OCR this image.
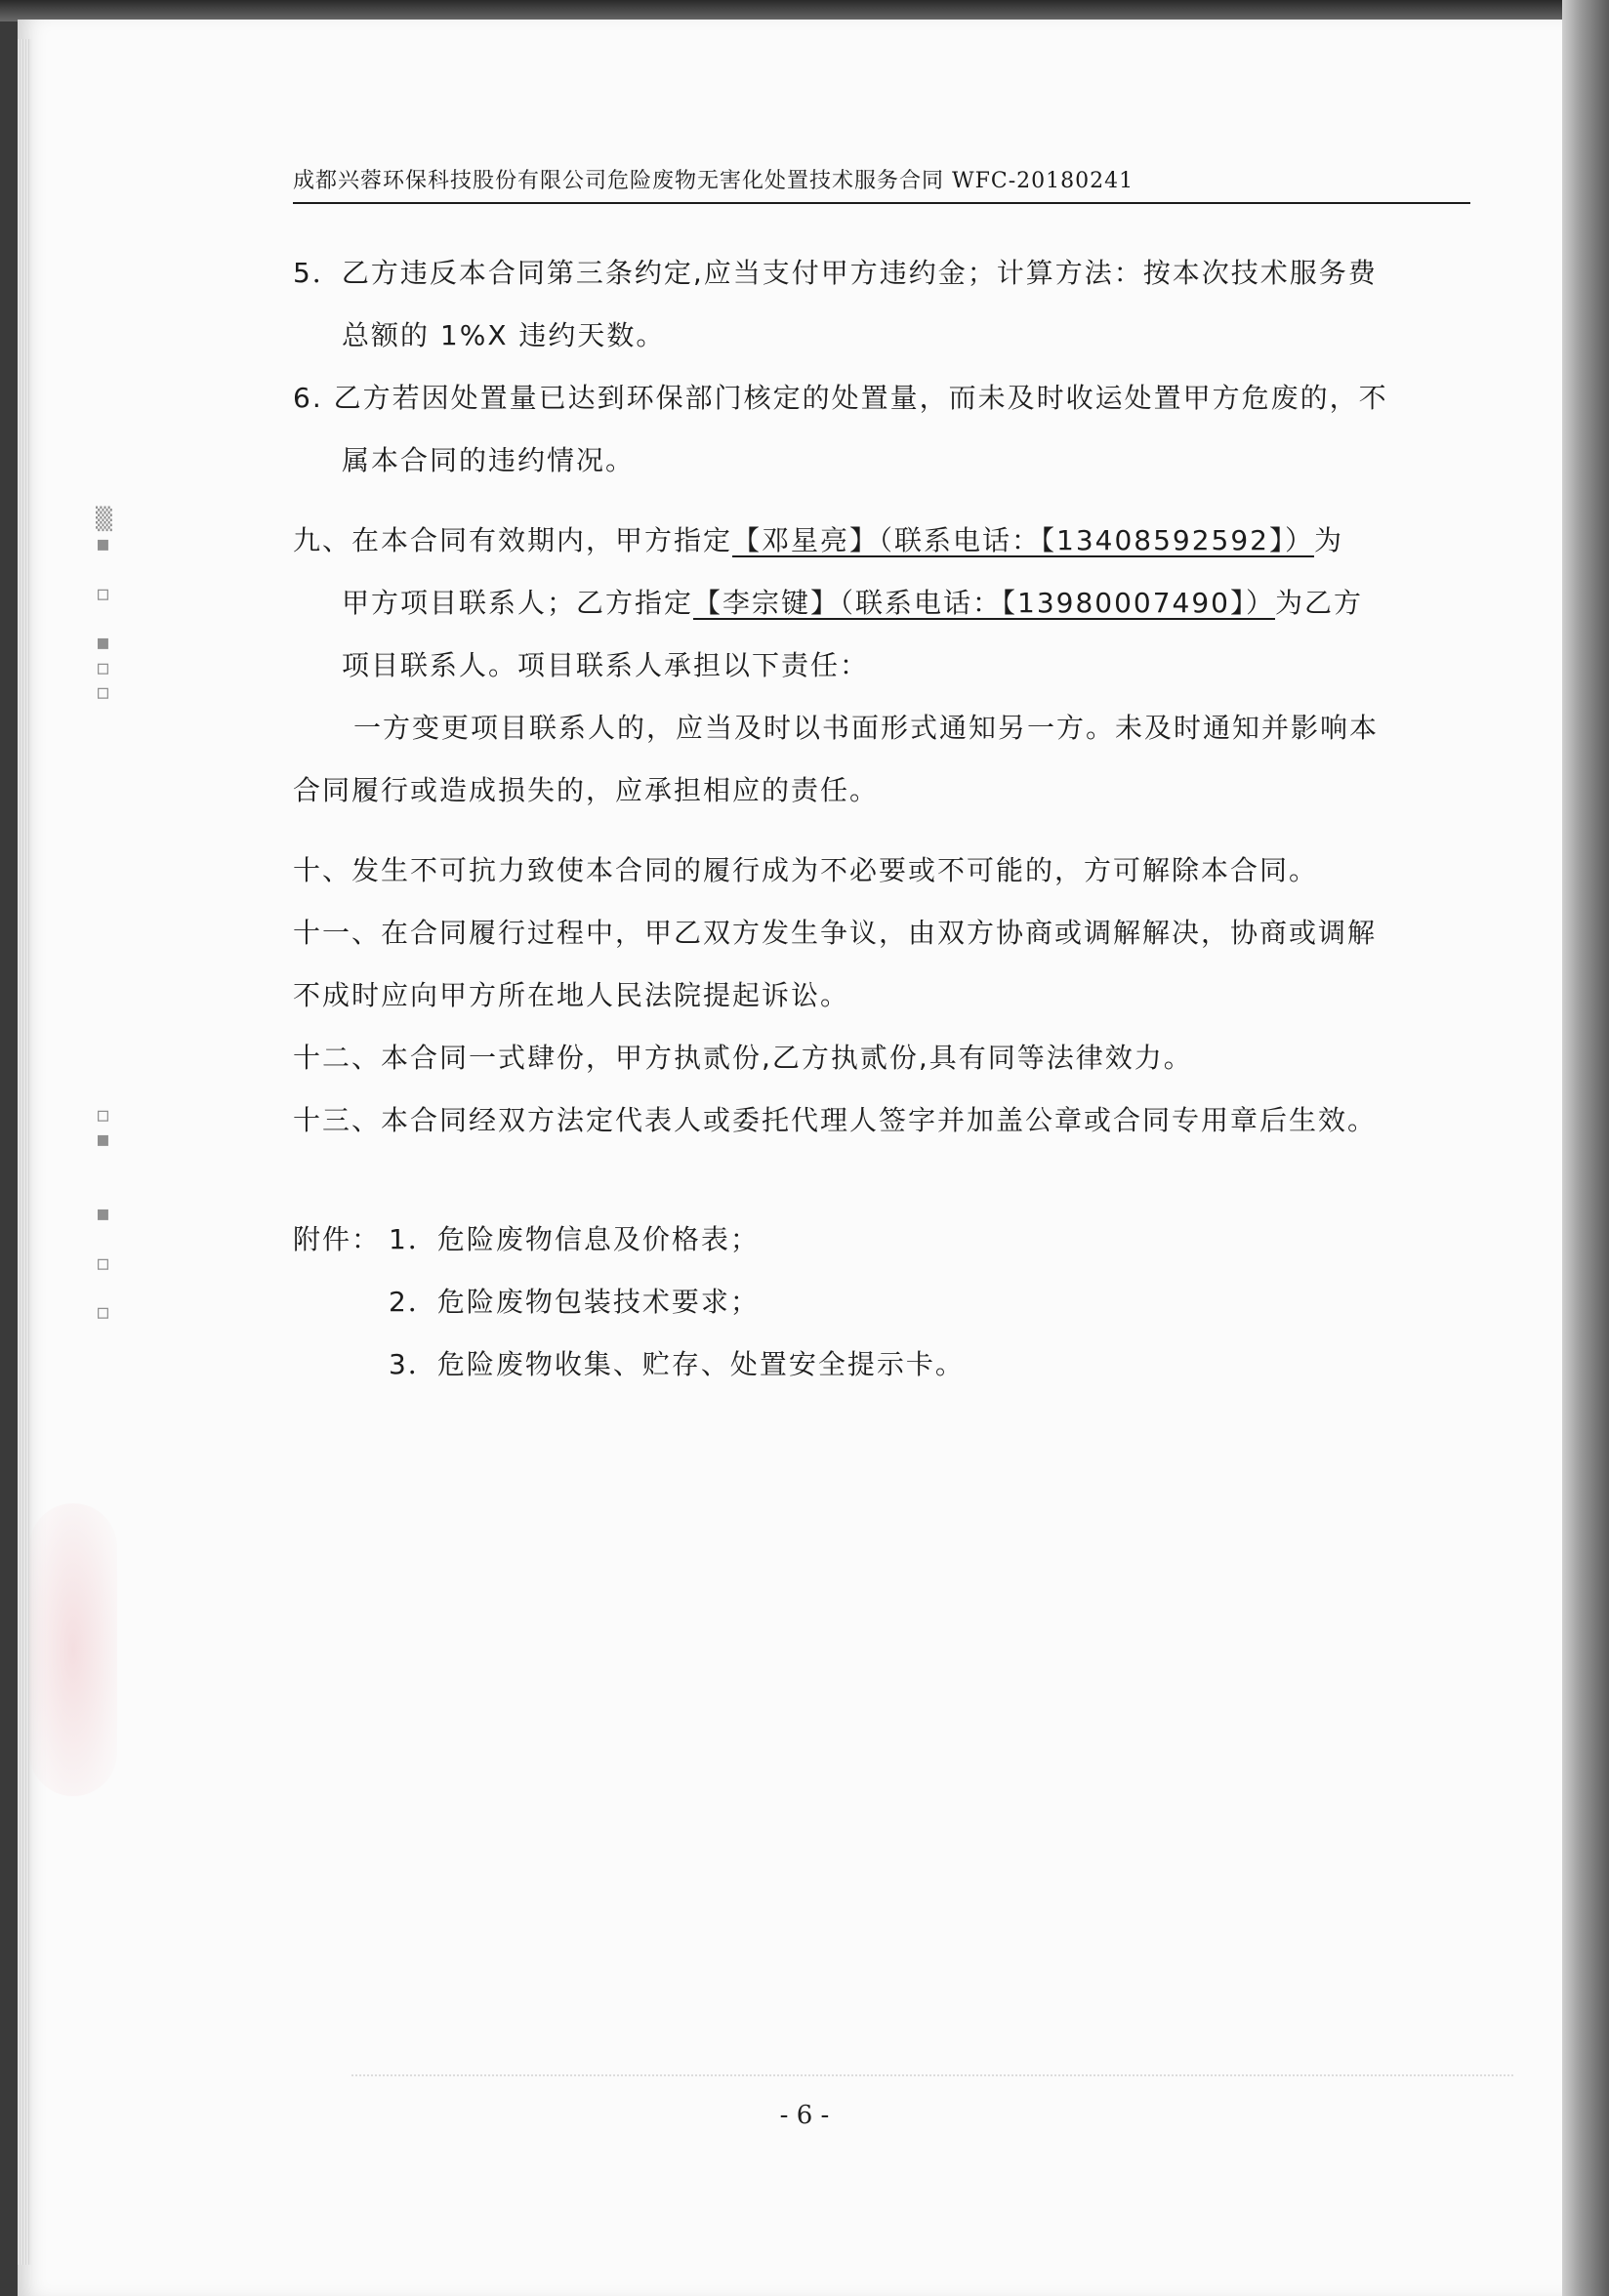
▒
▪

▫

▪
▫
▫
▫
▪

▪

▫

▫
成都兴蓉环保科技股份有限公司危险废物无害化处置技术服务合同 WFC-20180241
5．乙方违反本合同第三条约定,应当支付甲方违约金；计算方法：按本次技术服务费
总额的 1%X 违约天数。
6. 乙方若因处置量已达到环保部门核定的处置量，而未及时收运处置甲方危废的，不
属本合同的违约情况。
九、在本合同有效期内，甲方指定【邓星亮】（联系电话：【13408592592】）为
甲方项目联系人；乙方指定【李宗键】（联系电话：【13980007490】）为乙方
项目联系人。项目联系人承担以下责任：
一方变更项目联系人的，应当及时以书面形式通知另一方。未及时通知并影响本
合同履行或造成损失的，应承担相应的责任。
十、发生不可抗力致使本合同的履行成为不必要或不可能的，方可解除本合同。
十一、在合同履行过程中，甲乙双方发生争议，由双方协商或调解解决，协商或调解
不成时应向甲方所在地人民法院提起诉讼。
十二、本合同一式肆份，甲方执贰份,乙方执贰份,具有同等法律效力。
十三、本合同经双方法定代表人或委托代理人签字并加盖公章或合同专用章后生效。
附件： 1．危险废物信息及价格表；
2．危险废物包装技术要求；
3．危险废物收集、贮存、处置安全提示卡。
- 6 -
